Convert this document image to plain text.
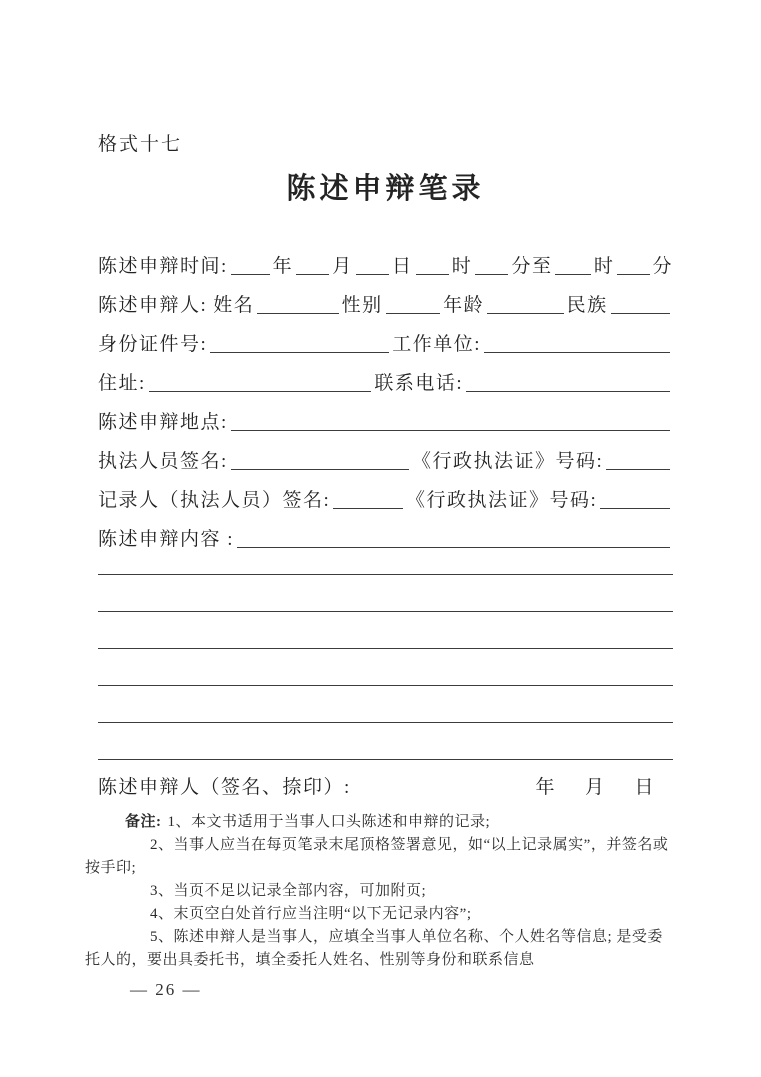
格式十七
陈述申辩笔录
陈述申辩时间: 年 月 日 时 分至 时 分
陈述申辩人: 姓名	性别	年龄	民族
身份证件号:	工作单位:
住址:	联系电话:
陈述申辩地点:
执法人员签名:	《行政执法证》号码:
记录人（执法人员）签名:	《行政执法证》号码:
陈述申辩内容 :
陈述申辩人（签名、捺印）:	年 月 日
备注: 1、本文书适用于当事人口头陈述和申辩的记录;
2、当事人应当在每页笔录末尾顶格签署意见，如“以上记录属实”，并签名或
按手印;
3、当页不足以记录全部内容，可加附页;
4、末页空白处首行应当注明“以下无记录内容”;
5、陈述申辩人是当事人，应填全当事人单位名称、个人姓名等信息; 是受委
托人的，要出具委托书，填全委托人姓名、性别等身份和联系信息
— 26 —
